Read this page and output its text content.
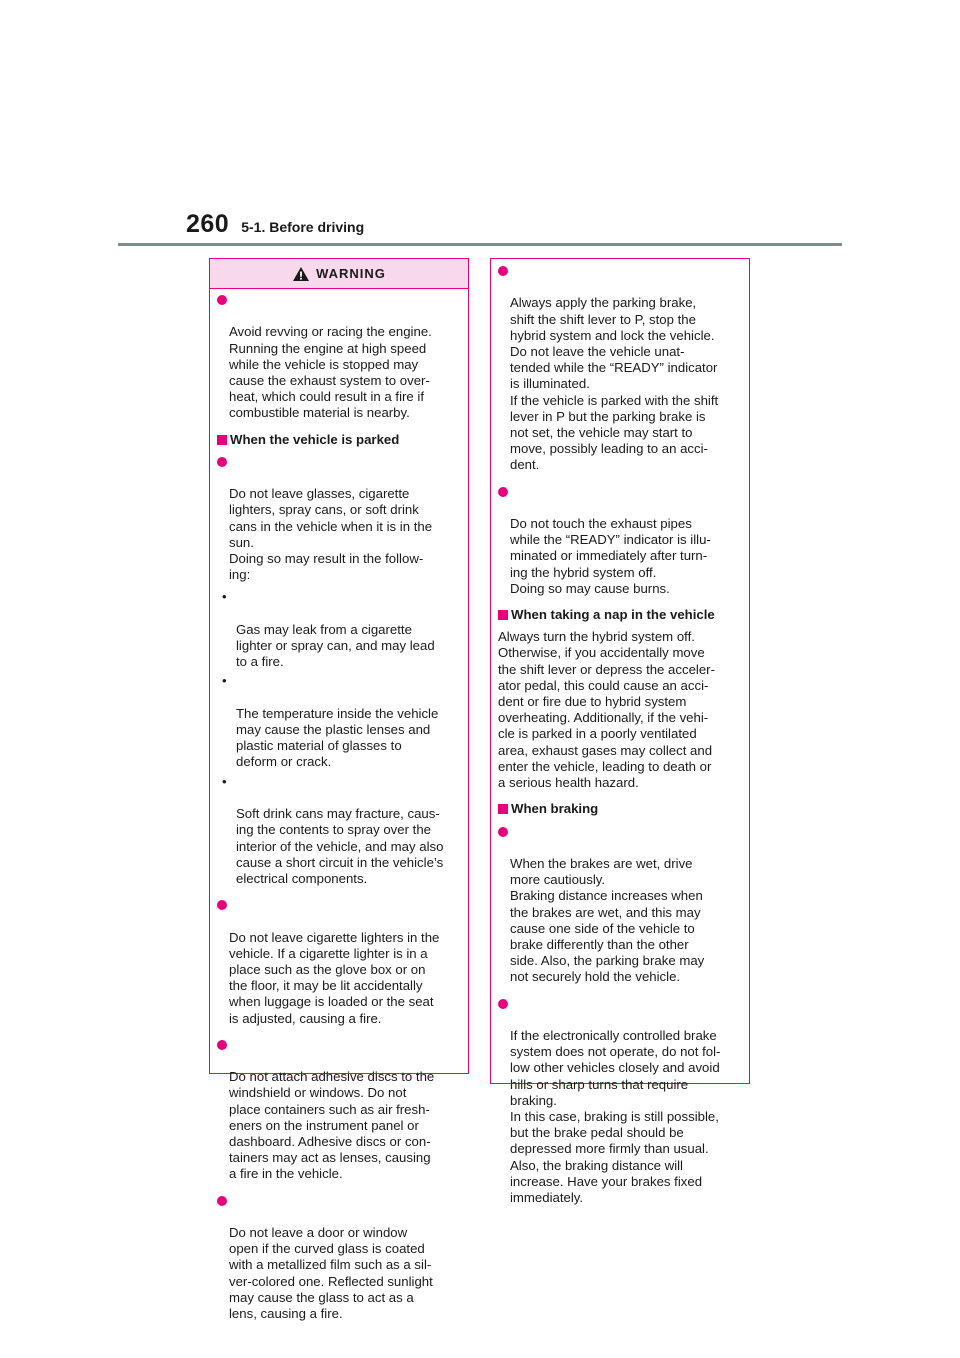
260 5-1. Before driving
WARNING

Avoid revving or racing the engine.
Running the engine at high speed
while the vehicle is stopped may
cause the exhaust system to over-
heat, which could result in a fire if
combustible material is nearby.

When the vehicle is parked

Do not leave glasses, cigarette
lighters, spray cans, or soft drink
cans in the vehicle when it is in the
sun.
Doing so may result in the follow-
ing:

•

Gas may leak from a cigarette
lighter or spray can, and may lead
to a fire.

•

The temperature inside the vehicle
may cause the plastic lenses and
plastic material of glasses to
deform or crack.

•

Soft drink cans may fracture, caus-
ing the contents to spray over the
interior of the vehicle, and may also
cause a short circuit in the vehicle’s
electrical components.

Do not leave cigarette lighters in the
vehicle. If a cigarette lighter is in a
place such as the glove box or on
the floor, it may be lit accidentally
when luggage is loaded or the seat
is adjusted, causing a fire.

Do not attach adhesive discs to the
windshield or windows. Do not
place containers such as air fresh-
eners on the instrument panel or
dashboard. Adhesive discs or con-
tainers may act as lenses, causing
a fire in the vehicle.

Do not leave a door or window
open if the curved glass is coated
with a metallized film such as a sil-
ver-colored one. Reflected sunlight
may cause the glass to act as a
lens, causing a fire.

Always apply the parking brake,
shift the shift lever to P, stop the
hybrid system and lock the vehicle.
Do not leave the vehicle unat-
tended while the “READY” indicator
is illuminated.
If the vehicle is parked with the shift
lever in P but the parking brake is
not set, the vehicle may start to
move, possibly leading to an acci-
dent.

Do not touch the exhaust pipes
while the “READY” indicator is illu-
minated or immediately after turn-
ing the hybrid system off.
Doing so may cause burns.

When taking a nap in the vehicle
Always turn the hybrid system off.
Otherwise, if you accidentally move
the shift lever or depress the acceler-
ator pedal, this could cause an acci-
dent or fire due to hybrid system
overheating. Additionally, if the vehi-
cle is parked in a poorly ventilated
area, exhaust gases may collect and
enter the vehicle, leading to death or
a serious health hazard.
When braking

When the brakes are wet, drive
more cautiously.
Braking distance increases when
the brakes are wet, and this may
cause one side of the vehicle to
brake differently than the other
side. Also, the parking brake may
not securely hold the vehicle.

If the electronically controlled brake
system does not operate, do not fol-
low other vehicles closely and avoid
hills or sharp turns that require
braking.
In this case, braking is still possible,
but the brake pedal should be
depressed more firmly than usual.
Also, the braking distance will
increase. Have your brakes fixed
immediately.
